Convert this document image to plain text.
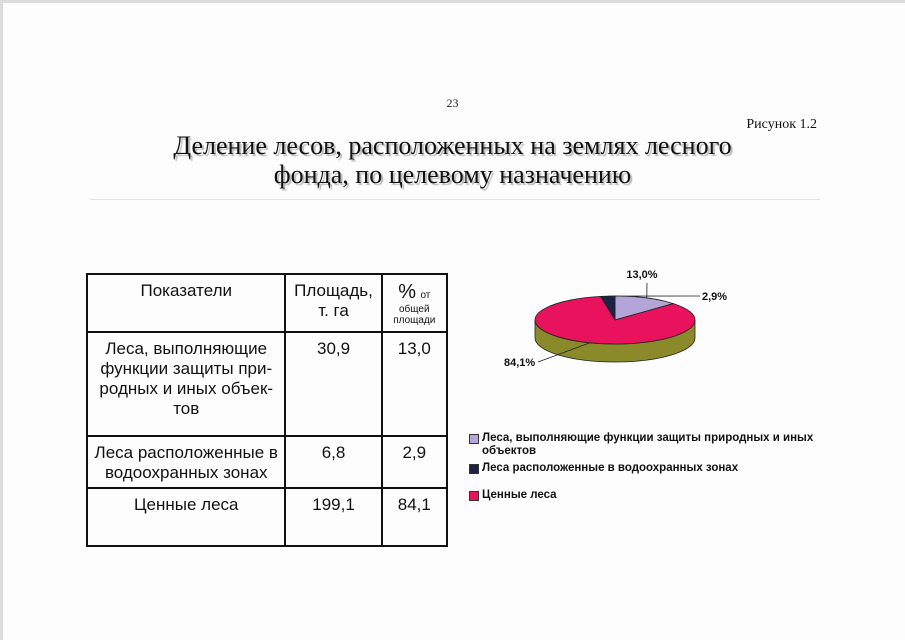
23
Рисунок 1.2
Деление лесов, расположенных на землях лесного
фонда, по целевому назначению
Показатели	Площадь, т. га	% от
общей площади

Леса, выполняющие функции защиты при-родных и иных объек-тов	30,9	13,0
Леса расположенные в водоохранных зонах	6,8	2,9
Ценные леса	199,1	84,1
13,0%
2,9%
84,1%
Леса, выполняющие функции защиты природных и иных объектов
Леса расположенные в водоохранных зонах
Ценные леса
